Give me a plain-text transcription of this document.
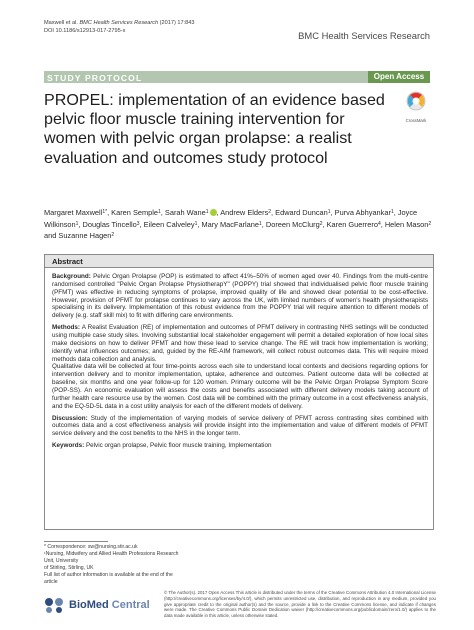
Maxwell et al. BMC Health Services Research (2017) 17:843
DOI 10.1186/s12913-017-2795-x	BMC Health Services Research
STUDY PROTOCOL	Open Access
PROPEL: implementation of an evidence based pelvic floor muscle training intervention for women with pelvic organ prolapse: a realist evaluation and outcomes study protocol
CrossMark
Margaret Maxwell$^{1*}$, Karen Semple$^1$, Sarah Wane$^1$ , Andrew Elders$^2$, Edward Duncan$^1$, Purva Abhyankar$^1$, Joyce Wilkinson$^1$, Douglas Tincello$^3$, Eileen Calveley$^1$, Mary MacFarlane$^1$, Doreen McClurg$^2$, Karen Guerrero$^4$, Helen Mason$^2$ and Suzanne Hagen$^2$
Abstract

Background: Pelvic Organ Prolapse (POP) is estimated to affect 41%–50% of women aged over 40. Findings from the multi-centre randomised controlled "Pelvic Organ Prolapse PhysiotherapY" (POPPY) trial showed that individualised pelvic floor muscle training (PFMT) was effective in reducing symptoms of prolapse, improved quality of life and showed clear potential to be cost-effective. However, provision of PFMT for prolapse continues to vary across the UK, with limited numbers of women's health physiotherapists specialising in its delivery. Implementation of this robust evidence from the POPPY trial will require attention to different models of delivery (e.g. staff skill mix) to fit with differing care environments.

Methods: A Realist Evaluation (RE) of implementation and outcomes of PFMT delivery in contrasting NHS settings will be conducted using multiple case study sites. Involving substantial local stakeholder engagement will permit a detailed exploration of how local sites make decisions on how to deliver PFMT and how these lead to service change. The RE will track how implementation is working; identify what influences outcomes; and, guided by the RE-AIM framework, will collect robust outcomes data. This will require mixed methods data collection and analysis.

Qualitative data will be collected at four time-points across each site to understand local contexts and decisions regarding options for intervention delivery and to monitor implementation, uptake, adherence and outcomes. Patient outcome data will be collected at baseline, six months and one year follow-up for 120 women. Primary outcome will be the Pelvic Organ Prolapse Symptom Score (POP-SS). An economic evaluation will assess the costs and benefits associated with different delivery models taking account of further health care resource use by the women. Cost data will be combined with the primary outcome in a cost effectiveness analysis, and the EQ-5D-5L data in a cost utility analysis for each of the different models of delivery.

Discussion: Study of the implementation of varying models of service delivery of PFMT across contrasting sites combined with outcomes data and a cost effectiveness analysis will provide insight into the implementation and value of different models of PFMT service delivery and the cost benefits to the NHS in the longer term.

Keywords: Pelvic organ prolapse, Pelvic floor muscle training, Implementation

* Correspondence: sw@nursing.stir.ac.uk
¹Nursing, Midwifery and Allied Health Professions Research Unit, University
of Stirling, Stirling, UK
Full list of author information is available at the end of the article
BioMed Central
© The Author(s). 2017 Open Access This article is distributed under the terms of the Creative Commons Attribution 4.0 International License (http://creativecommons.org/licenses/by/4.0/), which permits unrestricted use, distribution, and reproduction in any medium, provided you give appropriate credit to the original author(s) and the source, provide a link to the Creative Commons license, and indicate if changes were made. The Creative Commons Public Domain Dedication waiver (http://creativecommons.org/publicdomain/zero/1.0/) applies to the data made available in this article, unless otherwise stated.
